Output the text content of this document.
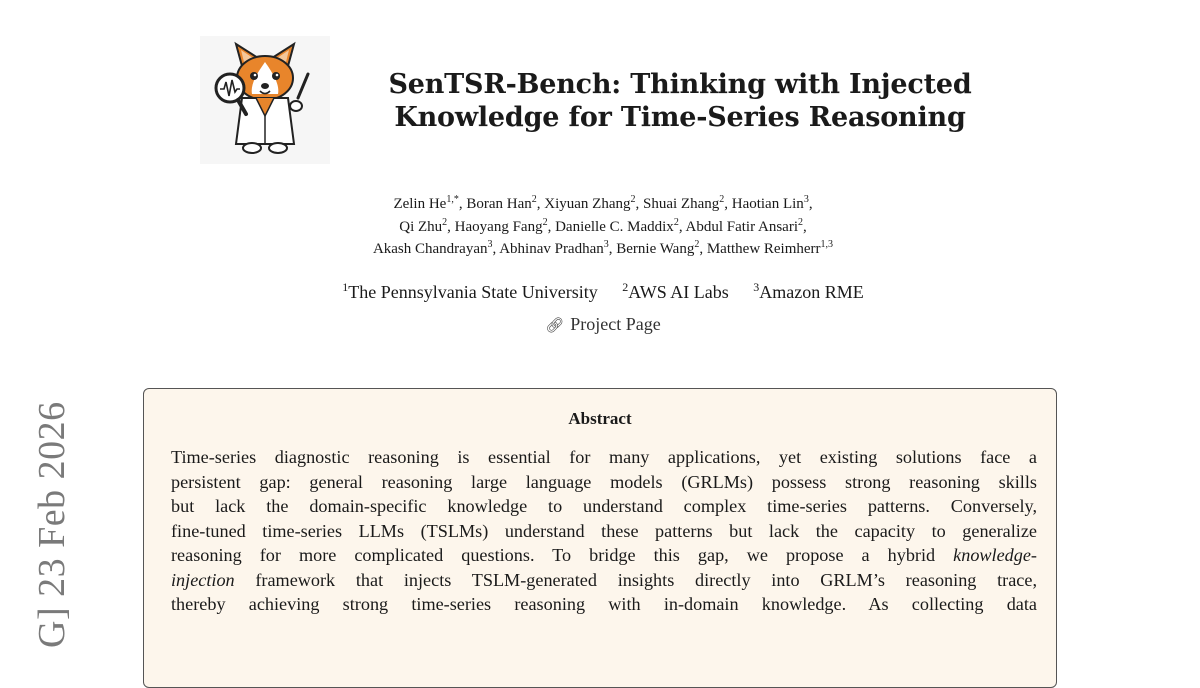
G] 23 Feb 2026
SenTSR-Bench: Thinking with Injected
Knowledge for Time-Series Reasoning
Zelin $He^{1,*}$, Boran Han$^2$, Xiyuan Zhang$^2$, Shuai Zhang$^2$, Haotian Lin$^3$,
Qi Zhu$^2$, Haoyang Fang$^2$, Danielle C. Maddix$^2$, Abdul Fatir Ansari$^2$,
Akash Chandrayan$^3$, Abhinav Pradhan$^3$, Bernie Wang$^2$, Matthew Reimherr$^{1,3}$
$^1$The Pennsylvania State University $^2$AWS AI Labs $^3$Amazon RME
🔗︎ Project Page
Abstract
Time-series diagnostic reasoning is essential for many applications, yet existing solutions face a
persistent gap: general reasoning large language models (GRLMs) possess strong reasoning skills
but lack the domain-specific knowledge to understand complex time-series patterns. Conversely,
fine-tuned time-series LLMs (TSLMs) understand these patterns but lack the capacity to generalize
reasoning for more complicated questions. To bridge this gap, we propose a hybrid knowledge-
injection framework that injects TSLM-generated insights directly into GRLM’s reasoning trace,
thereby achieving strong time-series reasoning with in-domain knowledge. As collecting data
